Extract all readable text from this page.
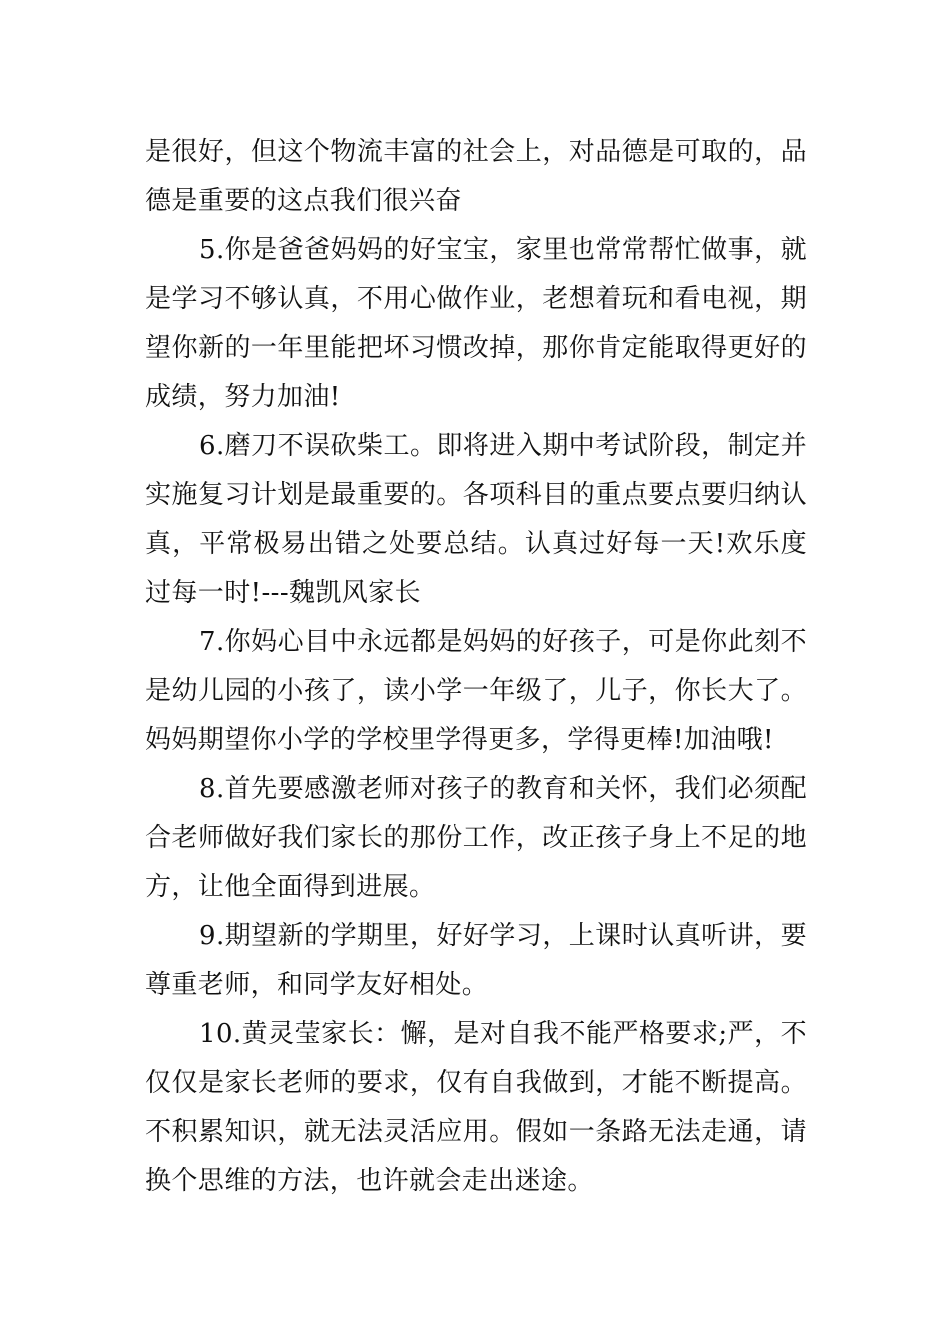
是很好，但这个物流丰富的社会上，对品德是可取的，品德是重要的这点我们很兴奋

5.你是爸爸妈妈的好宝宝，家里也常常帮忙做事，就是学习不够认真，不用心做作业，老想着玩和看电视，期望你新的一年里能把坏习惯改掉，那你肯定能取得更好的成绩，努力加油!

6.磨刀不误砍柴工。即将进入期中考试阶段，制定并实施复习计划是最重要的。各项科目的重点要点要归纳认真，平常极易出错之处要总结。认真过好每一天!欢乐度过每一时!---魏凯风家长

7.你妈心目中永远都是妈妈的好孩子，可是你此刻不是幼儿园的小孩了，读小学一年级了，儿子，你长大了。妈妈期望你小学的学校里学得更多，学得更棒!加油哦!

8.首先要感激老师对孩子的教育和关怀，我们必须配合老师做好我们家长的那份工作，改正孩子身上不足的地方，让他全面得到进展。

9.期望新的学期里，好好学习，上课时认真听讲，要尊重老师，和同学友好相处。

10.黄灵莹家长：懈，是对自我不能严格要求;严，不仅仅是家长老师的要求，仅有自我做到，才能不断提高。不积累知识，就无法灵活应用。假如一条路无法走通，请换个思维的方法，也许就会走出迷途。
